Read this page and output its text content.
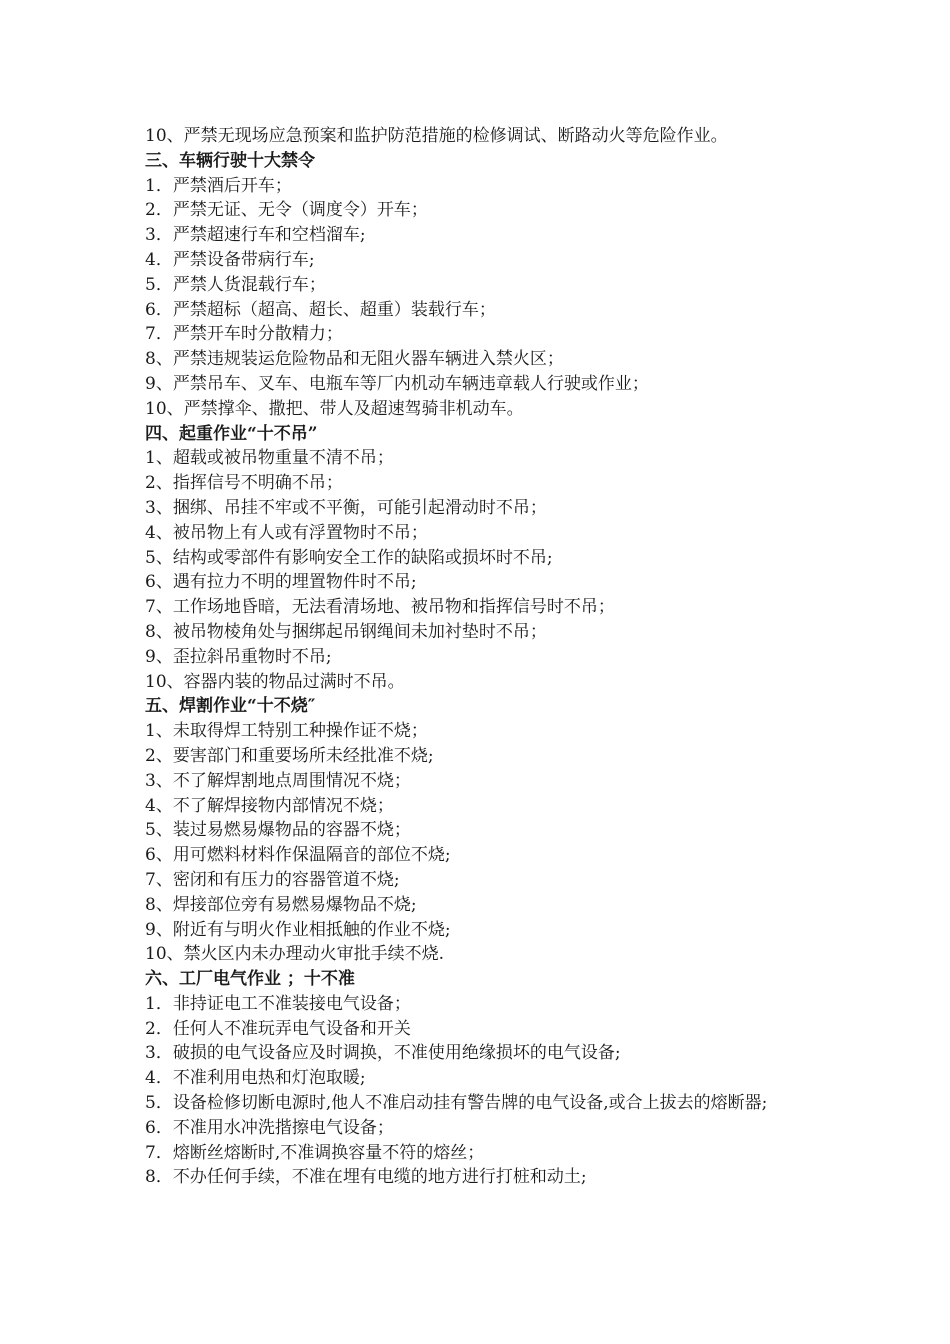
10、严禁无现场应急预案和监护防范措施的检修调试、断路动火等危险作业。
三、车辆行驶十大禁令
1．严禁酒后开车；
2．严禁无证、无令（调度令）开车；
3．严禁超速行车和空档溜车;
4．严禁设备带病行车;
5．严禁人货混载行车；
6．严禁超标（超高、超长、超重）装载行车；
7．严禁开车时分散精力；
8、严禁违规装运危险物品和无阻火器车辆进入禁火区；
9、严禁吊车、叉车、电瓶车等厂内机动车辆违章载人行驶或作业；
10、严禁撑伞、撒把、带人及超速驾骑非机动车。
四、起重作业“十不吊”
1、超载或被吊物重量不清不吊；
2、指挥信号不明确不吊；
3、捆绑、吊挂不牢或不平衡，可能引起滑动时不吊；
4、被吊物上有人或有浮置物时不吊；
5、结构或零部件有影响安全工作的缺陷或损坏时不吊;
6、遇有拉力不明的埋置物件时不吊;
7、工作场地昏暗，无法看清场地、被吊物和指挥信号时不吊；
8、被吊物棱角处与捆绑起吊钢绳间未加衬垫时不吊；
9、歪拉斜吊重物时不吊;
10、容器内装的物品过满时不吊。
五、焊割作业“十不烧″
1、未取得焊工特别工种操作证不烧；
2、要害部门和重要场所未经批准不烧;
3、不了解焊割地点周围情况不烧；
4、不了解焊接物内部情况不烧；
5、装过易燃易爆物品的容器不烧；
6、用可燃料材料作保温隔音的部位不烧;
7、密闭和有压力的容器管道不烧;
8、焊接部位旁有易燃易爆物品不烧;
9、附近有与明火作业相抵触的作业不烧;
10、禁火区内未办理动火审批手续不烧.
六、工厂电气作业 ；十不准
1．非持证电工不准装接电气设备；
2．任何人不准玩弄电气设备和开关
3．破损的电气设备应及时调换，不准使用绝缘损坏的电气设备;
4．不准利用电热和灯泡取暖;
5．设备检修切断电源时,他人不准启动挂有警告牌的电气设备,或合上拔去的熔断器;
6．不准用水冲洗揩擦电气设备；
7．熔断丝熔断时,不准调换容量不符的熔丝；
8．不办任何手续，不准在埋有电缆的地方进行打桩和动土;
